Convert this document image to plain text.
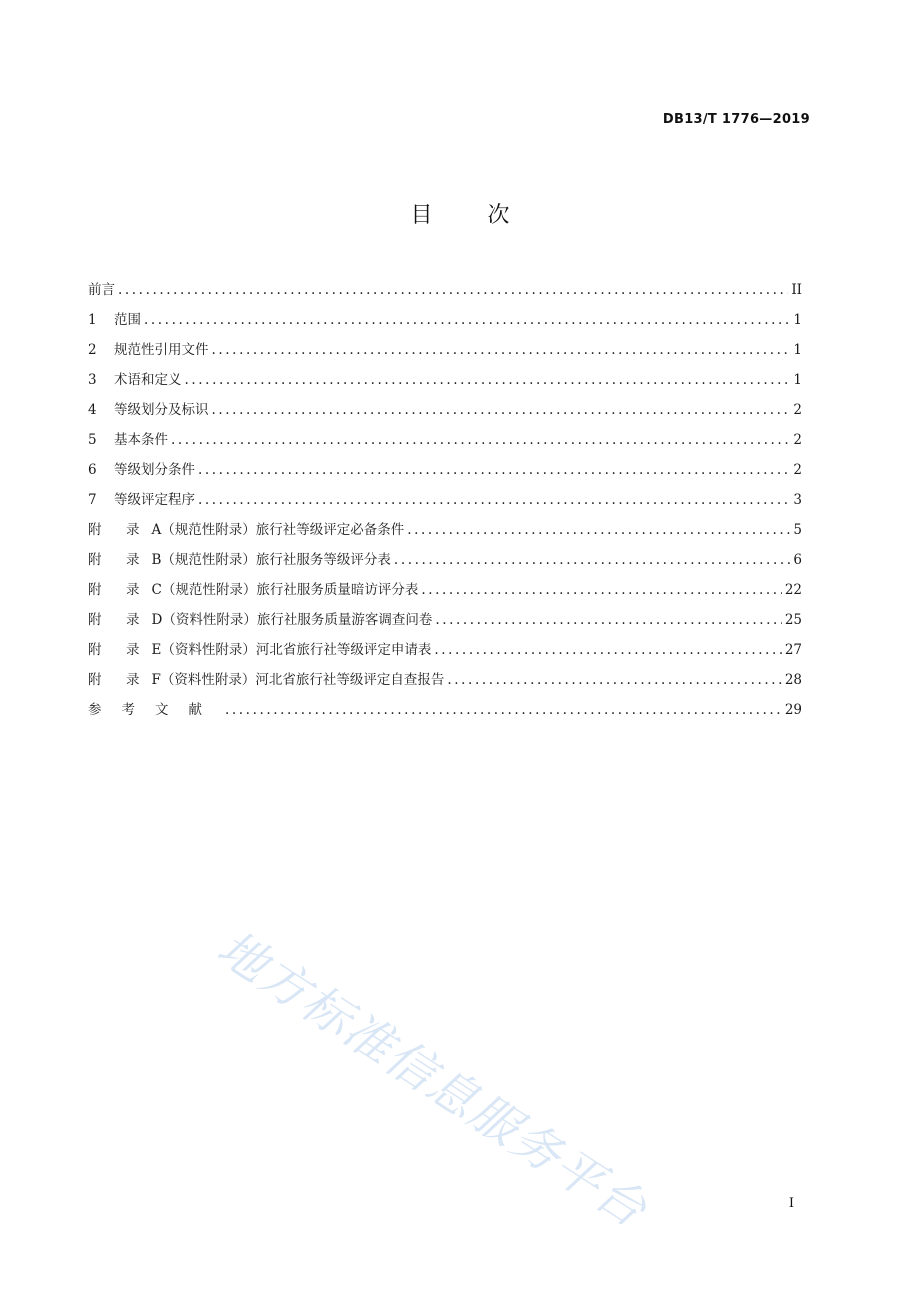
DB13/T 1776—2019
目 次
前言 .....	II
1	范围 .....	1
2	规范性引用文件 .....	1
3	术语和定义 .....	1
4	等级划分及标识 .....	2
5	基本条件 .....	2
6	等级划分条件 .....	2
7	等级评定程序 .....	3
附 录 A （规范性附录）旅行社等级评定必备条件 .....	5
附 录 B （规范性附录）旅行社服务等级评分表 .....	6
附 录 C （规范性附录）旅行社服务质量暗访评分表 .....	22
附 录 D （资料性附录）旅行社服务质量游客调查问卷 .....	25
附 录 E （资料性附录）河北省旅行社等级评定申请表 .....	27
附 录 F （资料性附录）河北省旅行社等级评定自查报告 .....	28
参考文献 .....	29
地方标准信息服务平台	I
